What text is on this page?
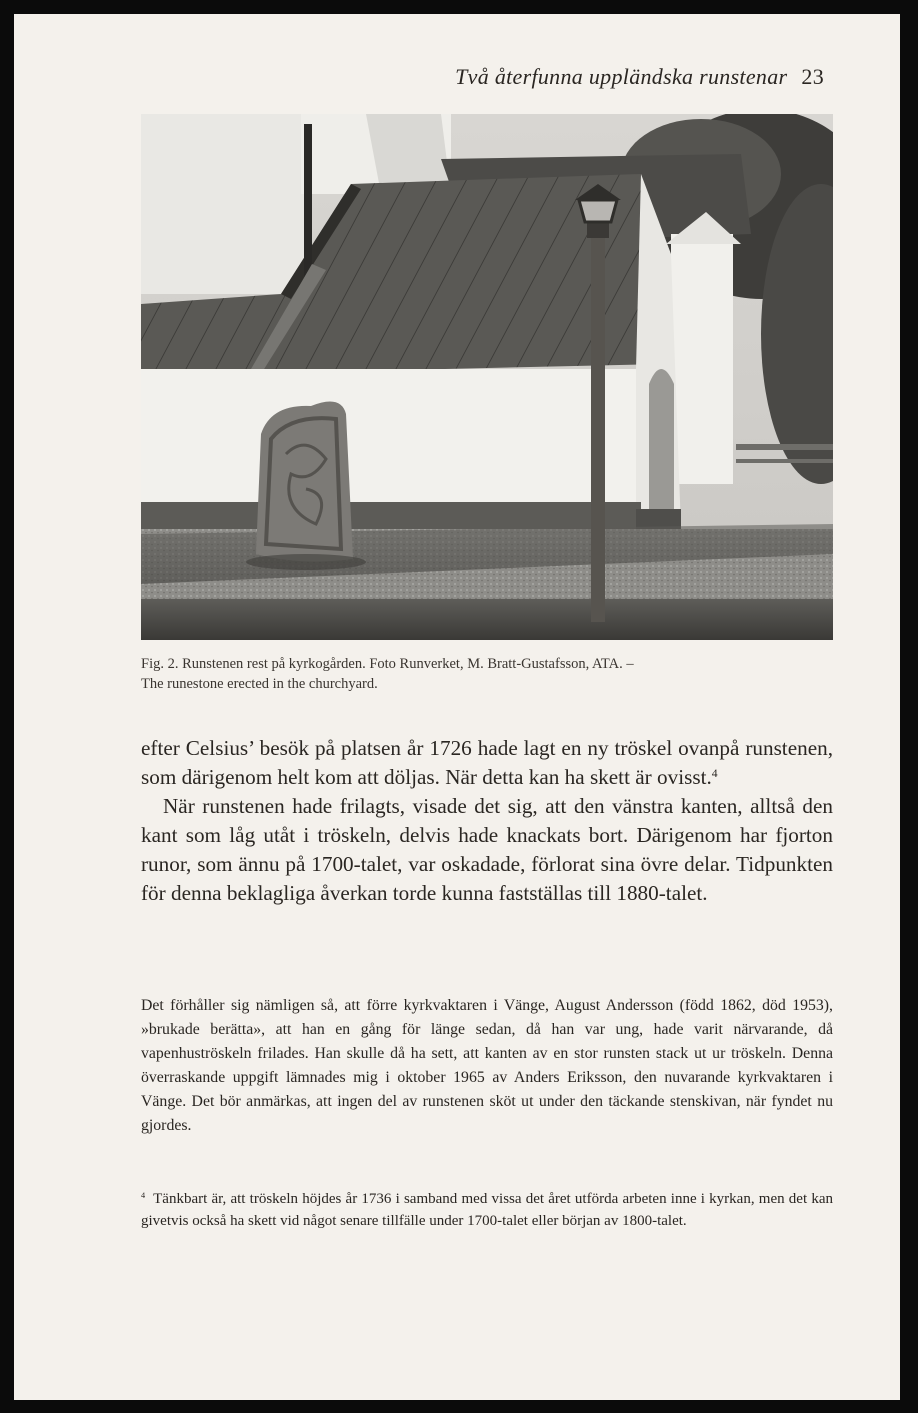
Två återfunna uppländska runstenar 23
Fig. 2. Runstenen rest på kyrkogården. Foto Runverket, M. Bratt-Gustafsson, ATA. –
The runestone erected in the churchyard.

efter Celsius’ besök på platsen år 1726 hade lagt en ny tröskel ovanpå runstenen, som därigenom helt kom att döljas. När detta kan ha skett är ovisst.$^4$

När runstenen hade frilagts, visade det sig, att den vänstra kanten, alltså den kant som låg utåt i tröskeln, delvis hade knackats bort. Därigenom har fjorton runor, som ännu på 1700-talet, var oskadade, förlorat sina övre delar. Tidpunkten för denna beklagliga åverkan torde kunna fastställas till 1880-talet.

Det förhåller sig nämligen så, att förre kyrkvaktaren i Vänge, August Andersson (född 1862, död 1953), »brukade berätta», att han en gång för länge sedan, då han var ung, hade varit närvarande, då vapenhuströskeln frilades. Han skulle då ha sett, att kanten av en stor runsten stack ut ur tröskeln. Denna överraskande uppgift lämnades mig i oktober 1965 av Anders Eriksson, den nuvarande kyrkvaktaren i Vänge. Det bör anmärkas, att ingen del av runstenen sköt ut under den täckande stenskivan, när fyndet nu gjordes.

$^4$ Tänkbart är, att tröskeln höjdes år 1736 i samband med vissa det året utförda arbeten inne i kyrkan, men det kan givetvis också ha skett vid något senare tillfälle under 1700-talet eller början av 1800-talet.
